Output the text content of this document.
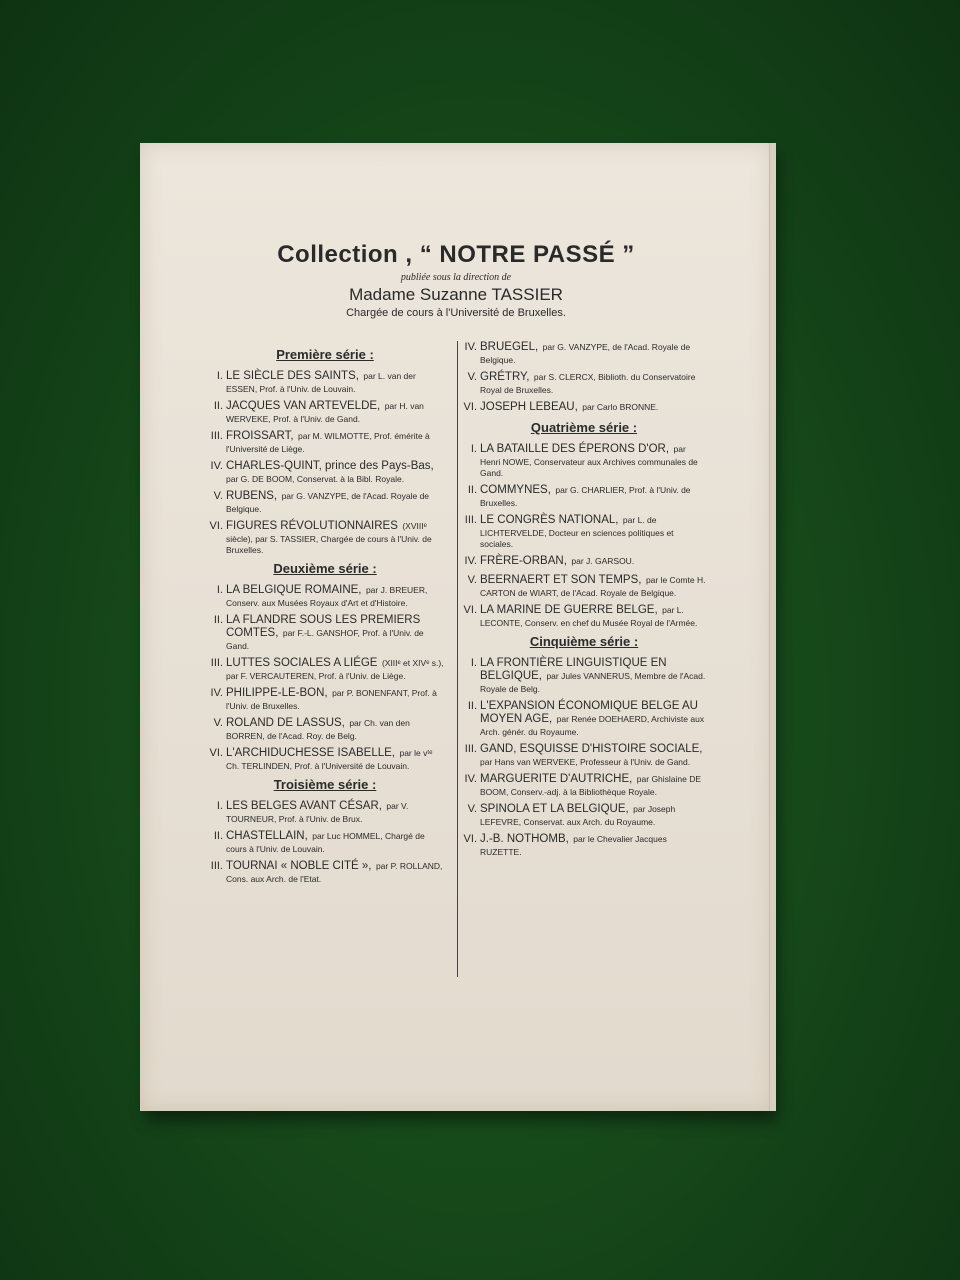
Collection , “ NOTRE PASSÉ ”
publiée sous la direction de
Madame Suzanne TASSIER
Chargée de cours à l'Université de Bruxelles.
Première série :
I. LE SIÈCLE DES SAINTS, par L. van der ESSEN, Prof. à l'Univ. de Louvain.
II. JACQUES VAN ARTEVELDE, par H. van WERVEKE, Prof. à l'Univ. de Gand.
III. FROISSART, par M. WILMOTTE, Prof. émérite à l'Université de Liège.
IV. CHARLES-QUINT, prince des Pays-Bas, par G. DE BOOM, Conservat. à la Bibl. Royale.
V. RUBENS, par G. VANZYPE, de l'Acad. Royale de Belgique.
VI. FIGURES RÉVOLUTIONNAIRES (XVIIIᵉ siècle), par S. TASSIER, Chargée de cours à l'Univ. de Bruxelles.
Deuxième série :
I. LA BELGIQUE ROMAINE, par J. BREUER, Conserv. aux Musées Royaux d'Art et d'Histoire.
II. LA FLANDRE SOUS LES PREMIERS COMTES, par F.-L. GANSHOF, Prof. à l'Univ. de Gand.
III. LUTTES SOCIALES A LIÉGE (XIIIᵉ et XIVᵉ s.), par F. VERCAUTEREN, Prof. à l'Univ. de Liège.
IV. PHILIPPE-LE-BON, par P. BONENFANT, Prof. à l'Univ. de Bruxelles.
V. ROLAND DE LASSUS, par Ch. van den BORREN, de l'Acad. Roy. de Belg.
VI. L'ARCHIDUCHESSE ISABELLE, par le vᵗᵉ Ch. TERLINDEN, Prof. à l'Université de Louvain.
Troisième série :
I. LES BELGES AVANT CÉSAR, par V. TOURNEUR, Prof. à l'Univ. de Brux.
II. CHASTELLAIN, par Luc HOMMEL, Chargé de cours à l'Univ. de Louvain.
III. TOURNAI « NOBLE CITÉ », par P. ROLLAND, Cons. aux Arch. de l'Etat.
IV. BRUEGEL, par G. VANZYPE, de l'Acad. Royale de Belgique.
V. GRÉTRY, par S. CLERCX, Biblioth. du Conservatoire Royal de Bruxelles.
VI. JOSEPH LEBEAU, par Carlo BRONNE.
Quatrième série :
I. LA BATAILLE DES ÉPERONS D'OR, par Henri NOWE, Conservateur aux Archives communales de Gand.
II. COMMYNES, par G. CHARLIER, Prof. à l'Univ. de Bruxelles.
III. LE CONGRÈS NATIONAL, par L. de LICHTERVELDE, Docteur en sciences politiques et sociales.
IV. FRÈRE-ORBAN, par J. GARSOU.
V. BEERNAERT ET SON TEMPS, par le Comte H. CARTON de WIART, de l'Acad. Royale de Belgique.
VI. LA MARINE DE GUERRE BELGE, par L. LECONTE, Conserv. en chef du Musée Royal de l'Armée.
Cinquième série :
I. LA FRONTIÈRE LINGUISTIQUE EN BELGIQUE, par Jules VANNERUS, Membre de l'Acad. Royale de Belg.
II. L'EXPANSION ÉCONOMIQUE BELGE AU MOYEN AGE, par Renée DOEHAERD, Archiviste aux Arch. génér. du Royaume.
III. GAND, ESQUISSE D'HISTOIRE SOCIALE, par Hans van WERVEKE, Professeur à l'Univ. de Gand.
IV. MARGUERITE D'AUTRICHE, par Ghislaine DE BOOM, Conserv.-adj. à la Bibliothèque Royale.
V. SPINOLA ET LA BELGIQUE, par Joseph LEFEVRE, Conservat. aux Arch. du Royaume.
VI. J.-B. NOTHOMB, par le Chevalier Jacques RUZETTE.
